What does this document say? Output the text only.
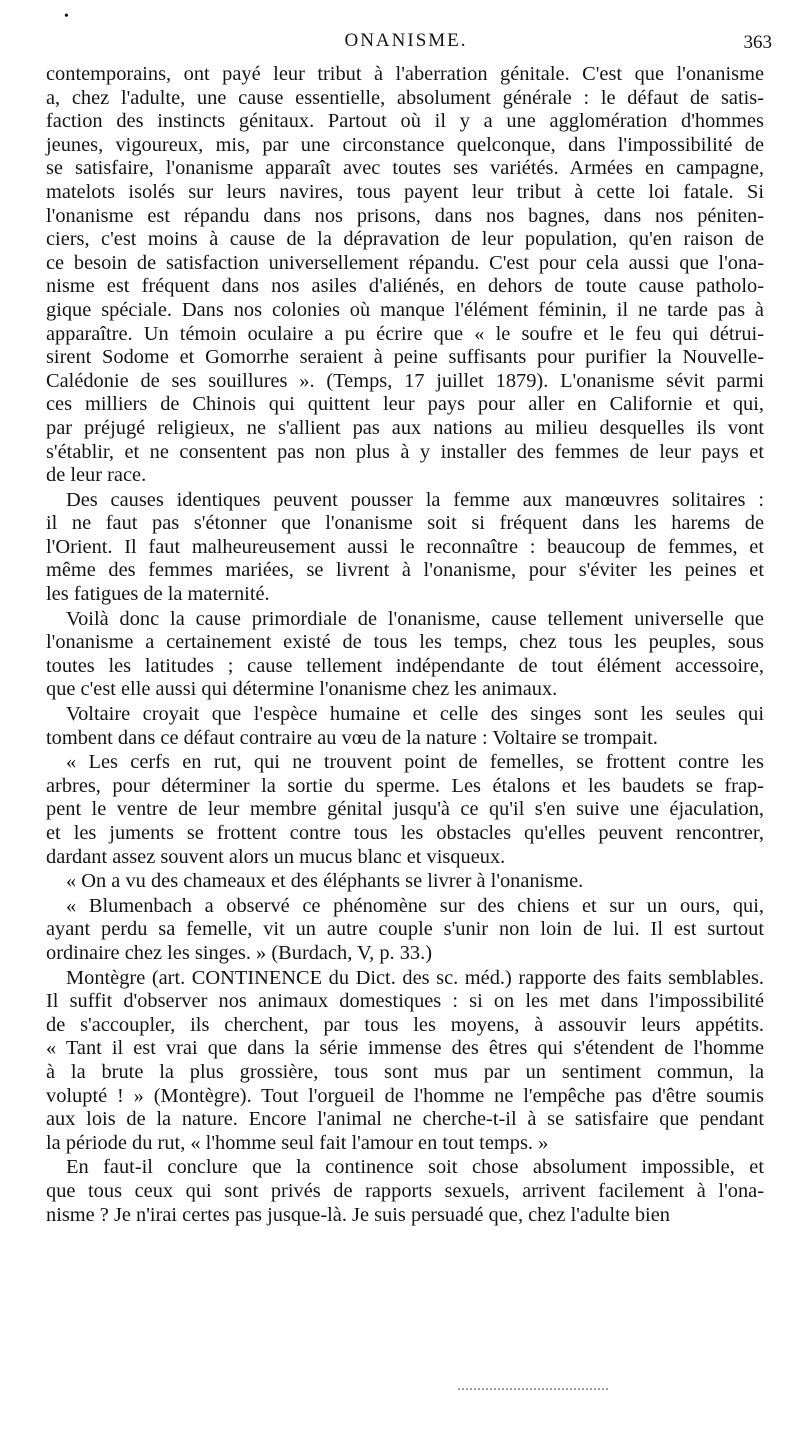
•
ONANISME.	363

contemporains, ont payé leur tribut à l'aberration génitale. C'est que l'onanisme
a, chez l'adulte, une cause essentielle, absolument générale : le défaut de satis-
faction des instincts génitaux. Partout où il y a une agglomération d'hommes
jeunes, vigoureux, mis, par une circonstance quelconque, dans l'impossibilité de
se satisfaire, l'onanisme apparaît avec toutes ses variétés. Armées en campagne,
matelots isolés sur leurs navires, tous payent leur tribut à cette loi fatale. Si
l'onanisme est répandu dans nos prisons, dans nos bagnes, dans nos péniten-
ciers, c'est moins à cause de la dépravation de leur population, qu'en raison de
ce besoin de satisfaction universellement répandu. C'est pour cela aussi que l'ona-
nisme est fréquent dans nos asiles d'aliénés, en dehors de toute cause patholo-
gique spéciale. Dans nos colonies où manque l'élément féminin, il ne tarde pas à
apparaître. Un témoin oculaire a pu écrire que « le soufre et le feu qui détrui-
sirent Sodome et Gomorrhe seraient à peine suffisants pour purifier la Nouvelle-
Calédonie de ses souillures ». (Temps, 17 juillet 1879). L'onanisme sévit parmi
ces milliers de Chinois qui quittent leur pays pour aller en Californie et qui,
par préjugé religieux, ne s'allient pas aux nations au milieu desquelles ils vont
s'établir, et ne consentent pas non plus à y installer des femmes de leur pays et
de leur race.

Des causes identiques peuvent pousser la femme aux manœuvres solitaires :
il ne faut pas s'étonner que l'onanisme soit si fréquent dans les harems de
l'Orient. Il faut malheureusement aussi le reconnaître : beaucoup de femmes, et
même des femmes mariées, se livrent à l'onanisme, pour s'éviter les peines et
les fatigues de la maternité.

Voilà donc la cause primordiale de l'onanisme, cause tellement universelle que
l'onanisme a certainement existé de tous les temps, chez tous les peuples, sous
toutes les latitudes ; cause tellement indépendante de tout élément accessoire,
que c'est elle aussi qui détermine l'onanisme chez les animaux.

Voltaire croyait que l'espèce humaine et celle des singes sont les seules qui
tombent dans ce défaut contraire au vœu de la nature : Voltaire se trompait.

« Les cerfs en rut, qui ne trouvent point de femelles, se frottent contre les
arbres, pour déterminer la sortie du sperme. Les étalons et les baudets se frap-
pent le ventre de leur membre génital jusqu'à ce qu'il s'en suive une éjaculation,
et les juments se frottent contre tous les obstacles qu'elles peuvent rencontrer,
dardant assez souvent alors un mucus blanc et visqueux.

« On a vu des chameaux et des éléphants se livrer à l'onanisme.

« Blumenbach a observé ce phénomène sur des chiens et sur un ours, qui,
ayant perdu sa femelle, vit un autre couple s'unir non loin de lui. Il est surtout
ordinaire chez les singes. » (Burdach, V, p. 33.)

Montègre (art. CONTINENCE du Dict. des sc. méd.) rapporte des faits semblables.
Il suffit d'observer nos animaux domestiques : si on les met dans l'impossibilité
de s'accoupler, ils cherchent, par tous les moyens, à assouvir leurs appétits.
« Tant il est vrai que dans la série immense des êtres qui s'étendent de l'homme
à la brute la plus grossière, tous sont mus par un sentiment commun, la
volupté ! » (Montègre). Tout l'orgueil de l'homme ne l'empêche pas d'être soumis
aux lois de la nature. Encore l'animal ne cherche-t-il à se satisfaire que pendant
la période du rut, « l'homme seul fait l'amour en tout temps. »

En faut-il conclure que la continence soit chose absolument impossible, et
que tous ceux qui sont privés de rapports sexuels, arrivent facilement à l'ona-
nisme ? Je n'irai certes pas jusque-là. Je suis persuadé que, chez l'adulte bien
